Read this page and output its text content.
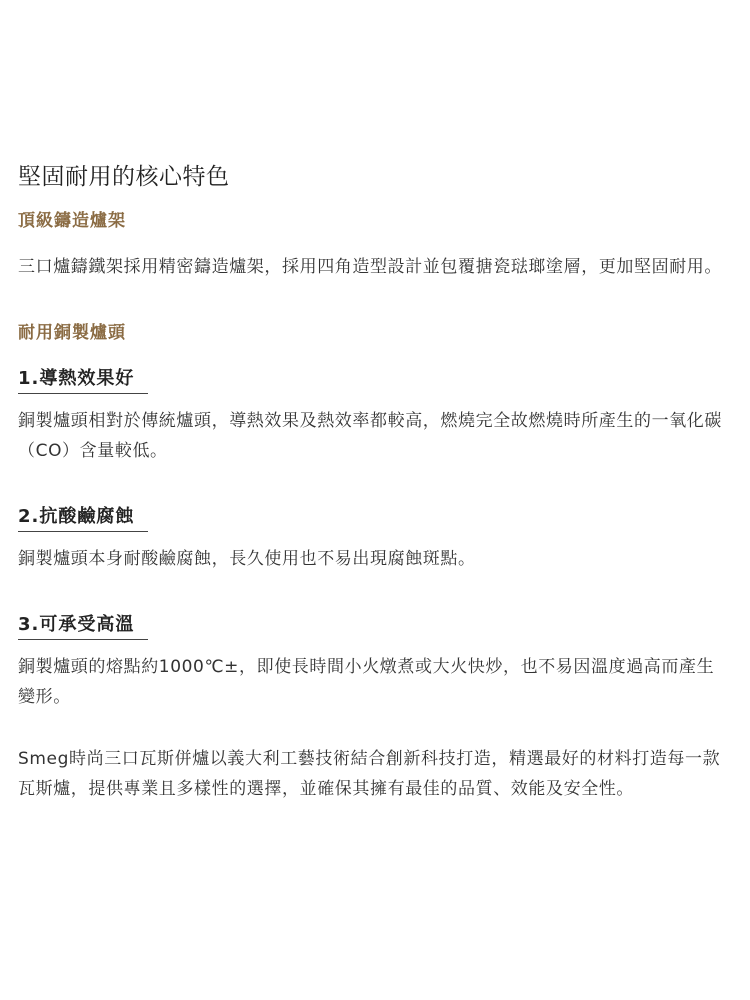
堅固耐用的核心特色
頂級鑄造爐架

三口爐鑄鐵架採用精密鑄造爐架，採用四角造型設計並包覆搪瓷琺瑯塗層，更加堅固耐用。

耐用銅製爐頭
1.導熱效果好

銅製爐頭相對於傳統爐頭，導熱效果及熱效率都較高，燃燒完全故燃燒時所產生的一氧化碳（CO）含量較低。

2.抗酸鹼腐蝕

銅製爐頭本身耐酸鹼腐蝕，長久使用也不易出現腐蝕斑點。

3.可承受高溫

銅製爐頭的熔點約1000℃±，即使長時間小火燉煮或大火快炒，也不易因溫度過高而產生變形。

Smeg時尚三口瓦斯併爐以義大利工藝技術結合創新科技打造，精選最好的材料打造每一款瓦斯爐，提供專業且多樣性的選擇，並確保其擁有最佳的品質、效能及安全性。
